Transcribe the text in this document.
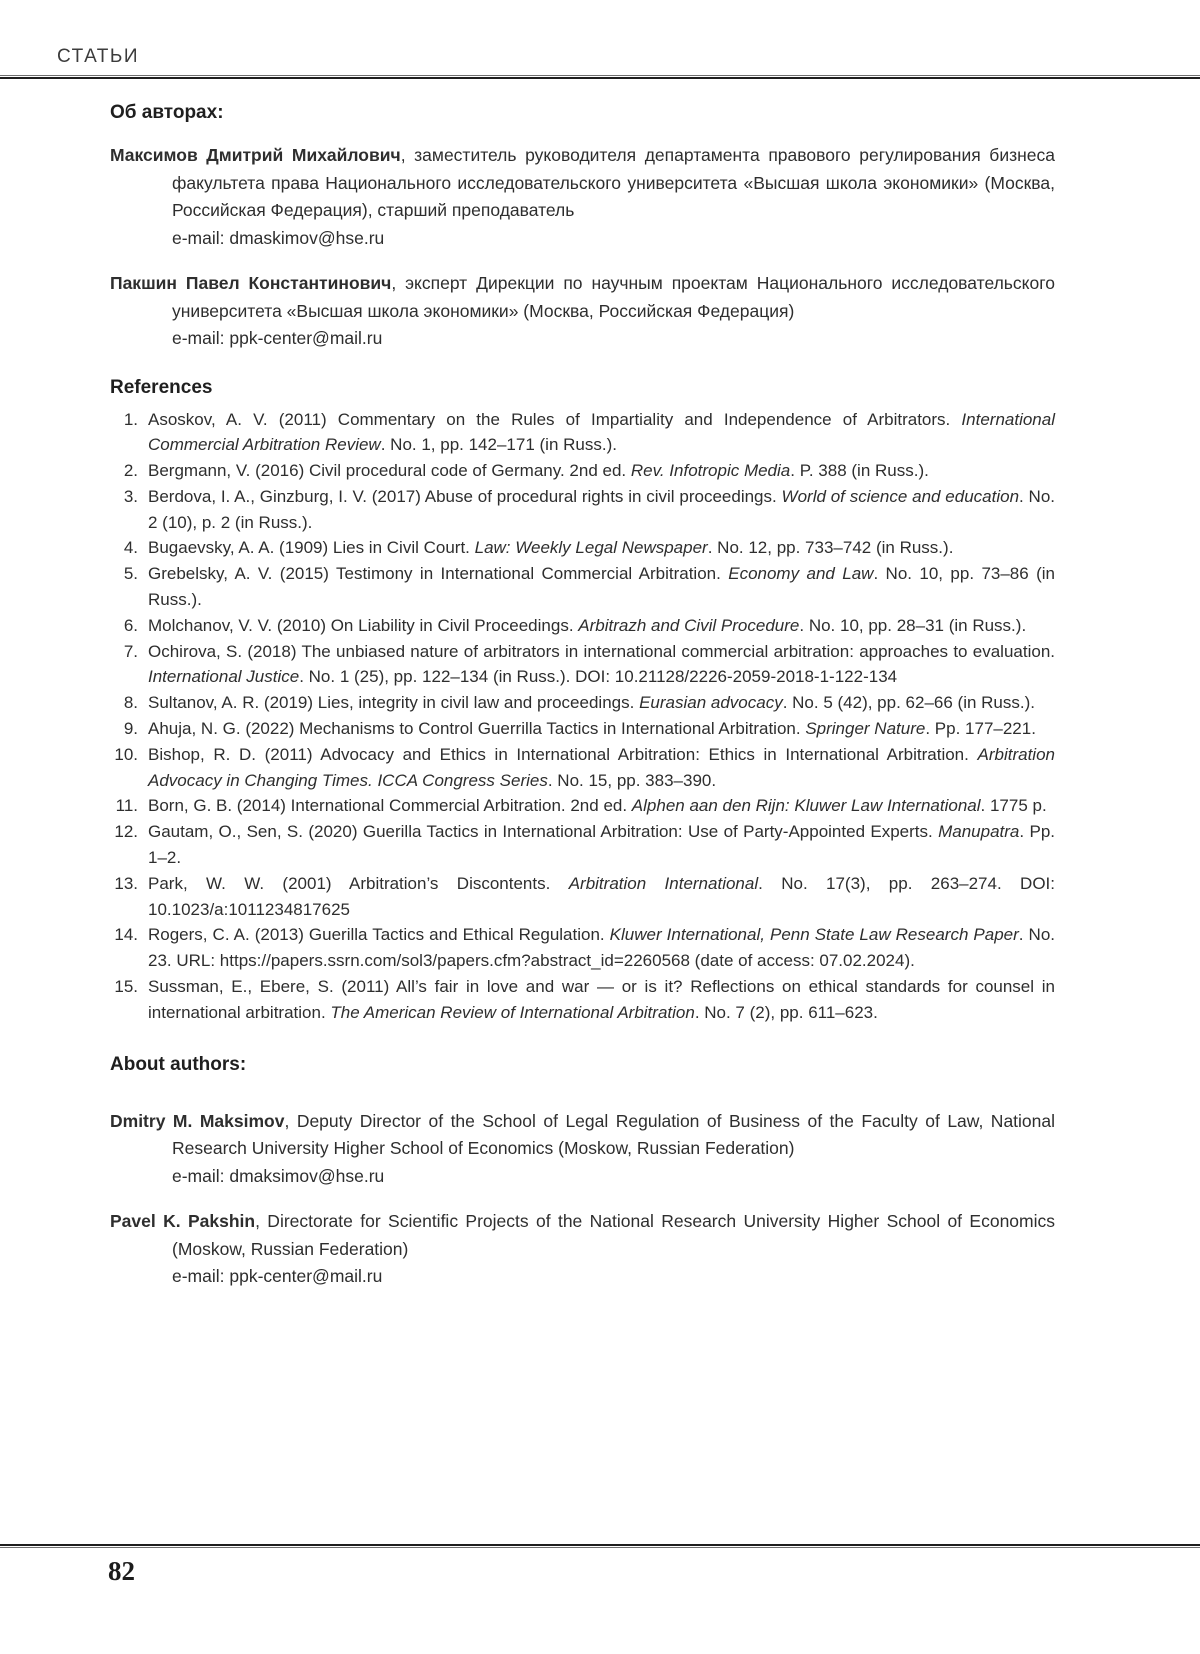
СТАТЬИ
Об авторах:

Максимов Дмитрий Михайлович, заместитель руководителя департамента правового регулирования бизнеса факультета права Национального исследовательского университета «Высшая школа экономики» (Москва, Российская Федерация), старший преподаватель
e-mail: dmaskimov@hse.ru

Пакшин Павел Константинович, эксперт Дирекции по научным проектам Национального исследовательского университета «Высшая школа экономики» (Москва, Российская Федерация)
e-mail: ppk-center@mail.ru

References
1. Asoskov, A. V. (2011) Commentary on the Rules of Impartiality and Independence of Arbitrators. International Commercial Arbitration Review. No. 1, pp. 142–171 (in Russ.).
2. Bergmann, V. (2016) Civil procedural code of Germany. 2nd ed. Rev. Infotropic Media. P. 388 (in Russ.).
3. Berdova, I. A., Ginzburg, I. V. (2017) Abuse of procedural rights in civil proceedings. World of science and education. No. 2 (10), p. 2 (in Russ.).
4. Bugaevsky, A. A. (1909) Lies in Civil Court. Law: Weekly Legal Newspaper. No. 12, pp. 733–742 (in Russ.).
5. Grebelsky, A. V. (2015) Testimony in International Commercial Arbitration. Economy and Law. No. 10, pp. 73–86 (in Russ.).
6. Molchanov, V. V. (2010) On Liability in Civil Proceedings. Arbitrazh and Civil Procedure. No. 10, pp. 28–31 (in Russ.).
7. Ochirova, S. (2018) The unbiased nature of arbitrators in international commercial arbitration: approaches to evaluation. International Justice. No. 1 (25), pp. 122–134 (in Russ.). DOI: 10.21128/2226-2059-2018-1-122-134
8. Sultanov, A. R. (2019) Lies, integrity in civil law and proceedings. Eurasian advocacy. No. 5 (42), pp. 62–66 (in Russ.).
9. Ahuja, N. G. (2022) Mechanisms to Control Guerrilla Tactics in International Arbitration. Springer Nature. Pp. 177–221.
10. Bishop, R. D. (2011) Advocacy and Ethics in International Arbitration: Ethics in International Arbitration. Arbitration Advocacy in Changing Times. ICCA Congress Series. No. 15, pp. 383–390.
11. Born, G. B. (2014) International Commercial Arbitration. 2nd ed. Alphen aan den Rijn: Kluwer Law International. 1775 p.
12. Gautam, O., Sen, S. (2020) Guerilla Tactics in International Arbitration: Use of Party-Appointed Experts. Manupatra. Pp. 1–2.
13. Park, W. W. (2001) Arbitration’s Discontents. Arbitration International. No. 17(3), pp. 263–274. DOI: 10.1023/a:1011234817625
14. Rogers, C. A. (2013) Guerilla Tactics and Ethical Regulation. Kluwer International, Penn State Law Research Paper. No. 23. URL: https://papers.ssrn.com/sol3/papers.cfm?abstract_id=2260568 (date of access: 07.02.2024).
15. Sussman, E., Ebere, S. (2011) All’s fair in love and war — or is it? Reflections on ethical standards for counsel in international arbitration. The American Review of International Arbitration. No. 7 (2), pp. 611–623.
About authors:

Dmitry M. Maksimov, Deputy Director of the School of Legal Regulation of Business of the Faculty of Law, National Research University Higher School of Economics (Moskow, Russian Federation)
e-mail: dmaksimov@hse.ru

Pavel K. Pakshin, Directorate for Scientific Projects of the National Research University Higher School of Economics (Moskow, Russian Federation)
e-mail: ppk-center@mail.ru

82
